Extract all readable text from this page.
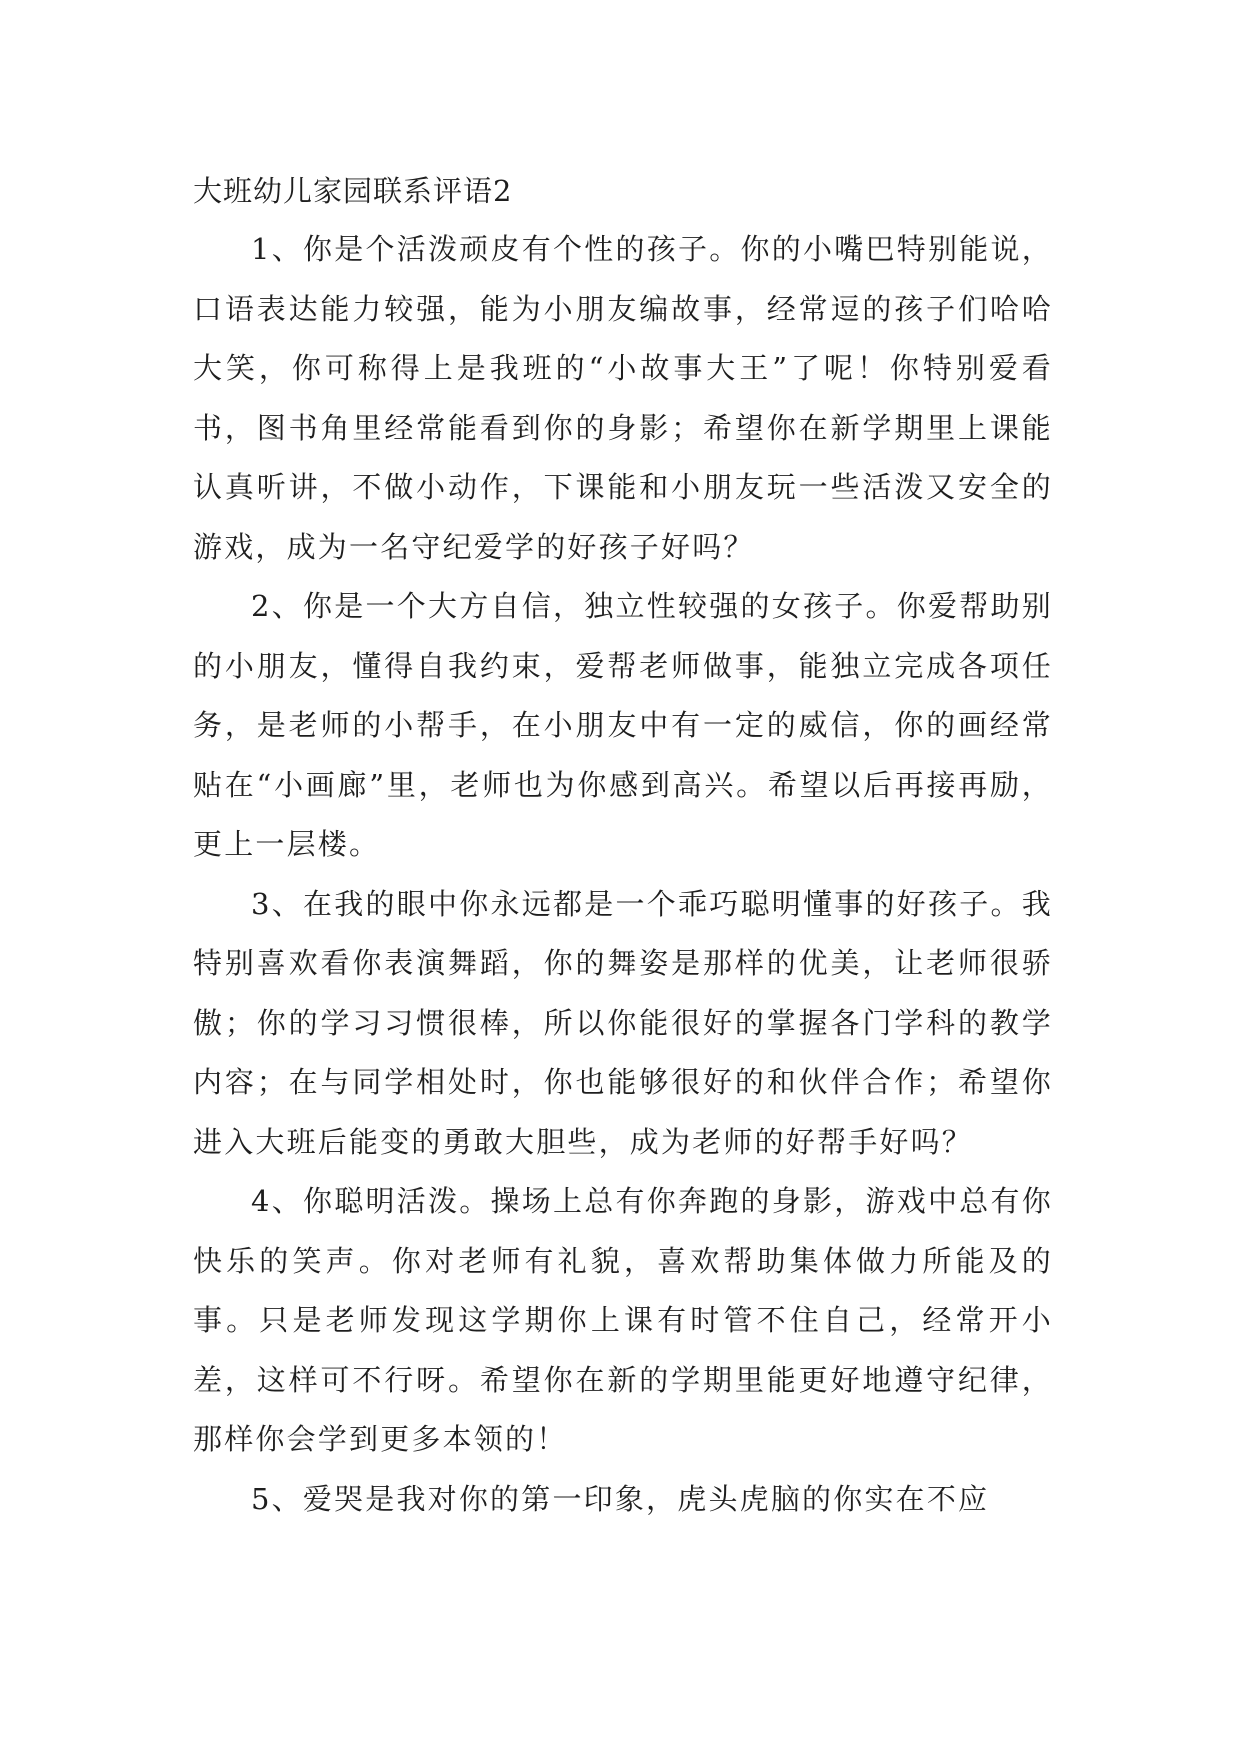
大班幼儿家园联系评语2

1、你是个活泼顽皮有个性的孩子。你的小嘴巴特别能说，口语表达能力较强，能为小朋友编故事，经常逗的孩子们哈哈大笑，你可称得上是我班的“小故事大王”了呢！你特别爱看书，图书角里经常能看到你的身影；希望你在新学期里上课能认真听讲，不做小动作，下课能和小朋友玩一些活泼又安全的游戏，成为一名守纪爱学的好孩子好吗？

2、你是一个大方自信，独立性较强的女孩子。你爱帮助别的小朋友，懂得自我约束，爱帮老师做事，能独立完成各项任务，是老师的小帮手，在小朋友中有一定的威信，你的画经常贴在“小画廊”里，老师也为你感到高兴。希望以后再接再励，更上一层楼。

3、在我的眼中你永远都是一个乖巧聪明懂事的好孩子。我特别喜欢看你表演舞蹈，你的舞姿是那样的优美，让老师很骄傲；你的学习习惯很棒，所以你能很好的掌握各门学科的教学内容；在与同学相处时，你也能够很好的和伙伴合作；希望你进入大班后能变的勇敢大胆些，成为老师的好帮手好吗？

4、你聪明活泼。操场上总有你奔跑的身影，游戏中总有你快乐的笑声。你对老师有礼貌，喜欢帮助集体做力所能及的事。只是老师发现这学期你上课有时管不住自己，经常开小差，这样可不行呀。希望你在新的学期里能更好地遵守纪律，那样你会学到更多本领的！

5、爱哭是我对你的第一印象，虎头虎脑的你实在不应
